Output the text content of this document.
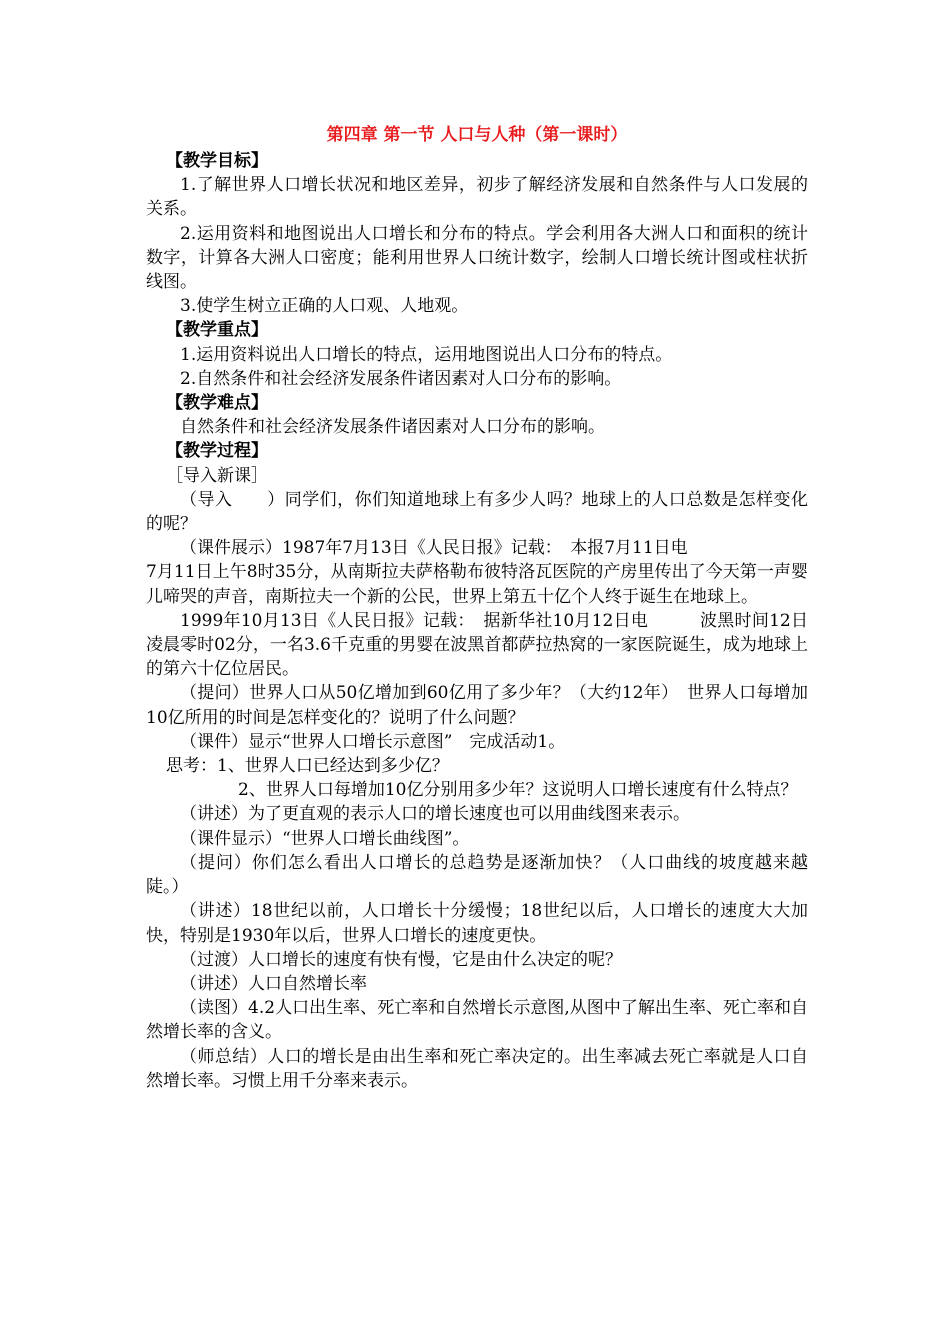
第四章 第一节 人口与人种（第一课时）
【教学目标】

1.了解世界人口增长状况和地区差异，初步了解经济发展和自然条件与人口发展的关系。

2.运用资料和地图说出人口增长和分布的特点。学会利用各大洲人口和面积的统计数字，计算各大洲人口密度；能利用世界人口统计数字，绘制人口增长统计图或柱状折线图。

3.使学生树立正确的人口观、人地观。

【教学重点】

1.运用资料说出人口增长的特点，运用地图说出人口分布的特点。

2.自然条件和社会经济发展条件诸因素对人口分布的影响。

【教学难点】

自然条件和社会经济发展条件诸因素对人口分布的影响。

【教学过程】

［导入新课］

（导入　　）同学们，你们知道地球上有多少人吗？地球上的人口总数是怎样变化的呢？

（课件展示）1987年7月13日《人民日报》记载：　本报7月11日电

7月11日上午8时35分，从南斯拉夫萨格勒布彼特洛瓦医院的产房里传出了今天第一声婴儿啼哭的声音，南斯拉夫一个新的公民，世界上第五十亿个人终于诞生在地球上。

1999年10月13日《人民日报》记载：　据新华社10月12日电　　　波黑时间12日凌晨零时02分，一名3.6千克重的男婴在波黑首都萨拉热窝的一家医院诞生，成为地球上的第六十亿位居民。

（提问）世界人口从50亿增加到60亿用了多少年？（大约12年）　世界人口每增加10亿所用的时间是怎样变化的？说明了什么问题？

（课件）显示“世界人口增长示意图”　完成活动1。

思考：1、世界人口已经达到多少亿？

2、世界人口每增加10亿分别用多少年？这说明人口增长速度有什么特点？

（讲述）为了更直观的表示人口的增长速度也可以用曲线图来表示。

（课件显示）“世界人口增长曲线图”。

（提问）你们怎么看出人口增长的总趋势是逐渐加快？（人口曲线的坡度越来越陡。）

（讲述）18世纪以前，人口增长十分缓慢；18世纪以后，人口增长的速度大大加快，特别是1930年以后，世界人口增长的速度更快。

（过渡）人口增长的速度有快有慢，它是由什么决定的呢？

（讲述）人口自然增长率

（读图）4.2人口出生率、死亡率和自然增长示意图,从图中了解出生率、死亡率和自然增长率的含义。

（师总结）人口的增长是由出生率和死亡率决定的。出生率减去死亡率就是人口自然增长率。习惯上用千分率来表示。
